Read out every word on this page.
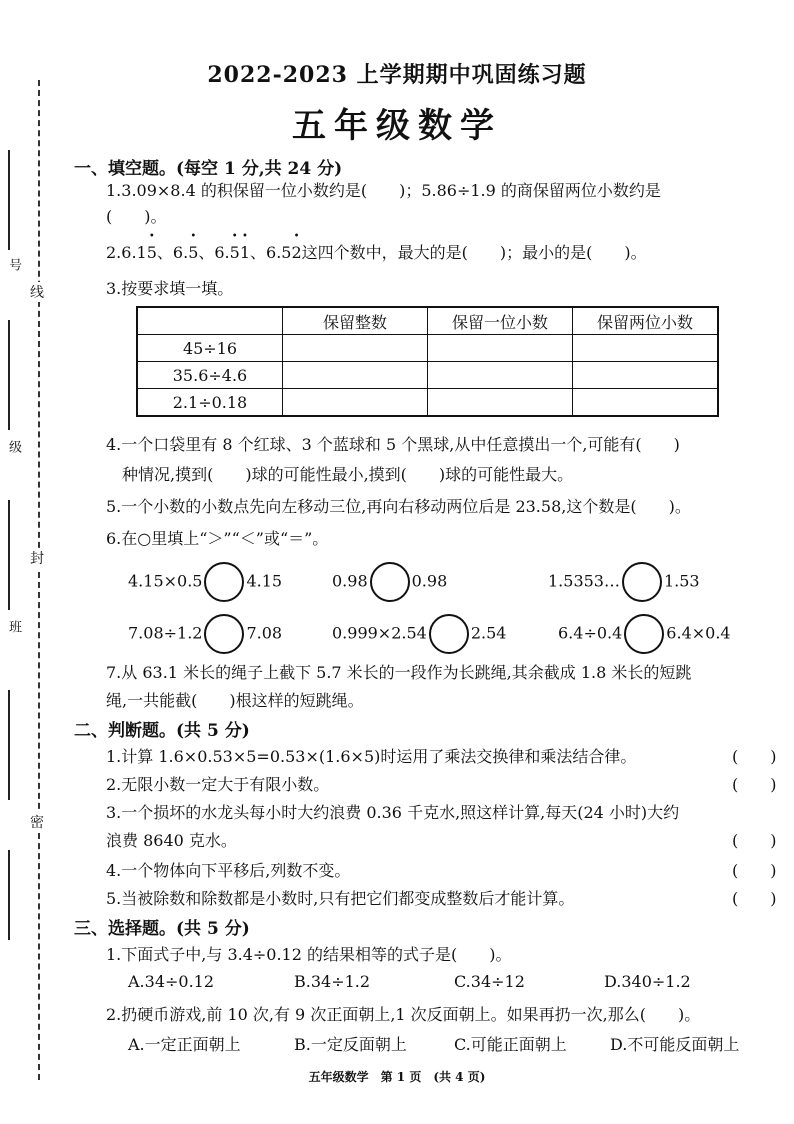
线
封
密
号
级
班
2022-2023 上学期期中巩固练习题
五年级数学
一、填空题。(每空 1 分,共 24 分)
1.3.09×8.4 的积保留一位小数约是(　　)；5.86÷1.9 的商保留两位小数约是
(　　)。
2.6.1• 5、6.• 5、6.• 5• 1、6.5• 2这四个数中，最大的是(　　)；最小的是(　　)。
3.按要求填一填。
	保留整数	保留一位小数	保留两位小数
45÷16			
35.6÷4.6			
2.1÷0.18			
4.一个口袋里有 8 个红球、3 个蓝球和 5 个黑球,从中任意摸出一个,可能有(　　)
种情况,摸到(　　)球的可能性最小,摸到(　　)球的可能性最大。
5.一个小数的小数点先向左移动三位,再向右移动两位后是 23.58,这个数是(　　)。
6.在○里填上“＞”“＜”或“＝”。
4.15×0.5	4.15	0.98	0.98	1.5353…	1.53
7.08÷1.2	7.08	0.999×2.54	2.54	6.4÷0.4	6.4×0.4
7.从 63.1 米长的绳子上截下 5.7 米长的一段作为长跳绳,其余截成 1.8 米长的短跳
绳,一共能截(　　)根这样的短跳绳。
二、判断题。(共 5 分)
1.计算 1.6×0.53×5=0.53×(1.6×5)时运用了乘法交换律和乘法结合律。	(　　)
2.无限小数一定大于有限小数。	(　　)
3.一个损坏的水龙头每小时大约浪费 0.36 千克水,照这样计算,每天(24 小时)大约
浪费 8640 克水。	(　　)
4.一个物体向下平移后,列数不变。	(　　)
5.当被除数和除数都是小数时,只有把它们都变成整数后才能计算。	(　　)
三、选择题。(共 5 分)
1.下面式子中,与 3.4÷0.12 的结果相等的式子是(　　)。
A.34÷0.12	B.34÷1.2	C.34÷12	D.340÷1.2
2.扔硬币游戏,前 10 次,有 9 次正面朝上,1 次反面朝上。如果再扔一次,那么(　　)。
A.一定正面朝上	B.一定反面朝上	C.可能正面朝上	D.不可能反面朝上
五年级数学　第 1 页　(共 4 页)
